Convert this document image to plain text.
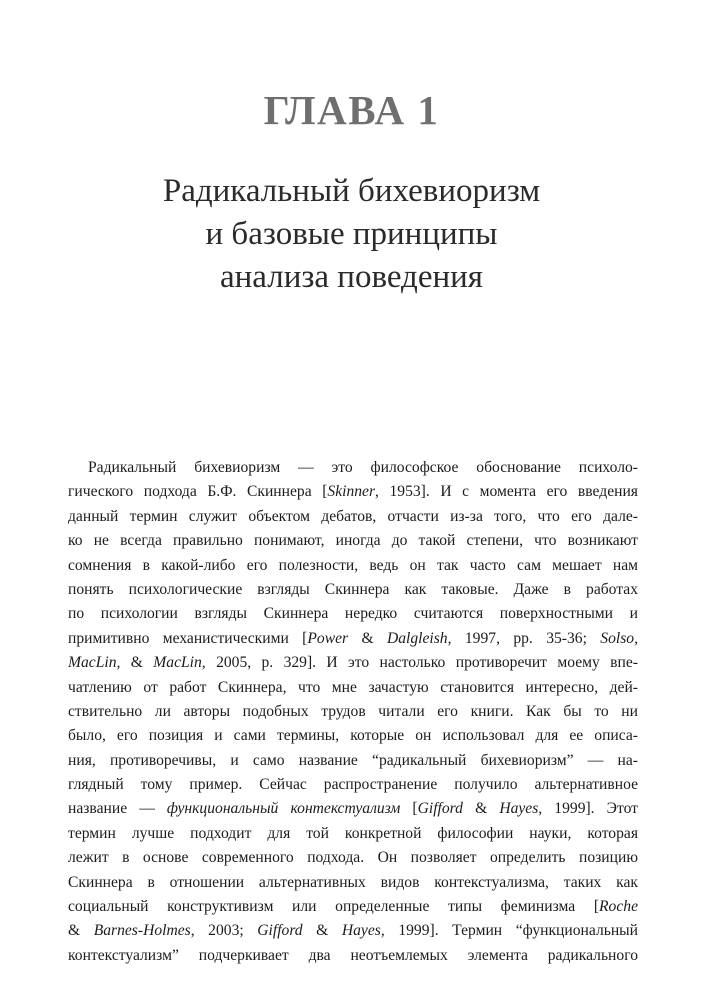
ГЛАВА 1
Радикальный бихевиоризм
и базовые принципы
анализа поведения
Радикальный бихевиоризм — это философское обоснование психоло-
гического подхода Б.Ф. Скиннера [Skinner, 1953]. И с момента его введения
данный термин служит объектом дебатов, отчасти из-за того, что его дале-
ко не всегда правильно понимают, иногда до такой степени, что возникают
сомнения в какой-либо его полезности, ведь он так часто сам мешает нам
понять психологические взгляды Скиннера как таковые. Даже в работах
по психологии взгляды Скиннера нередко считаются поверхностными и
примитивно механистическими [Power & Dalgleish, 1997, pp. 35-36; Solso,
MacLin, & MacLin, 2005, p. 329]. И это настолько противоречит моему впе-
чатлению от работ Скиннера, что мне зачастую становится интересно, дей-
ствительно ли авторы подобных трудов читали его книги. Как бы то ни
было, его позиция и сами термины, которые он использовал для ее описа-
ния, противоречивы, и само название “радикальный бихевиоризм” — на-
глядный тому пример. Сейчас распространение получило альтернативное
название — функциональный контекстуализм [Gifford & Hayes, 1999]. Этот
термин лучше подходит для той конкретной философии науки, которая
лежит в основе современного подхода. Он позволяет определить позицию
Скиннера в отношении альтернативных видов контекстуализма, таких как
социальный конструктивизм или определенные типы феминизма [Roche
& Barnes-Holmes, 2003; Gifford & Hayes, 1999]. Термин “функциональный
контекстуализм” подчеркивает два неотъемлемых элемента радикального
